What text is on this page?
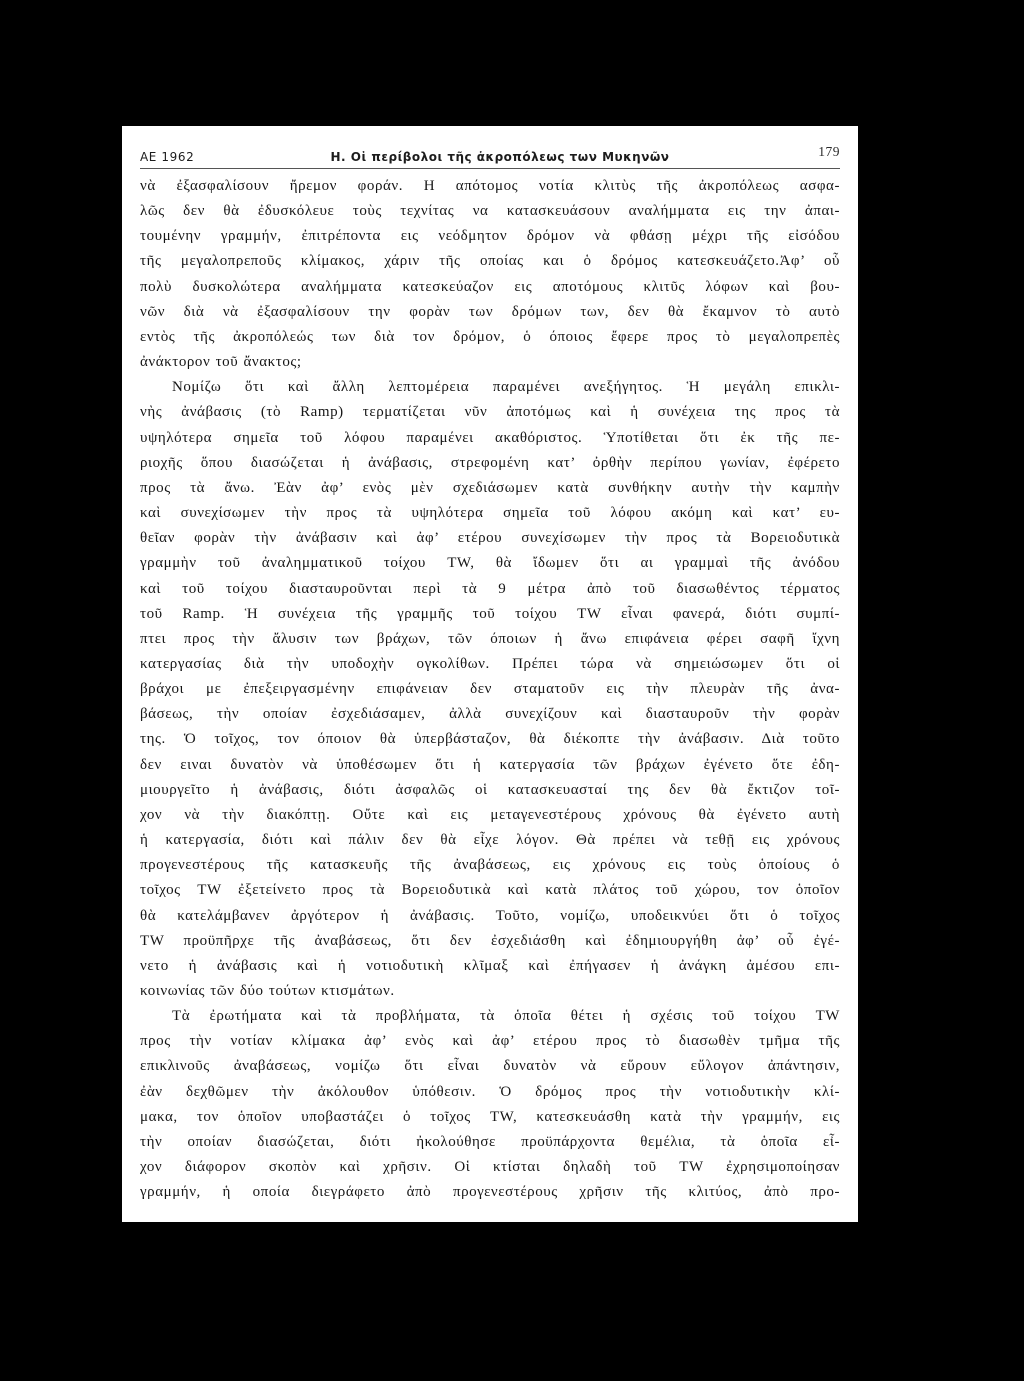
ΑΕ 1962	Η. Οἱ περίβολοι τῆς ἀκροπόλεως των Μυκηνῶν	179
νὰ ἐξασφαλίσουν ἤρεμον φοράν. Η απότομος νοτία κλιτὺς τῆς ἀκροπόλεως ασφα-
λῶς δεν θὰ ἐδυσκόλευε τοὺς τεχνίτας να κατασκευάσουν αναλήμματα εις την ἀπαι-
τουμένην γραμμήν, ἐπιτρέποντα εις νεόδμητον δρόμον νὰ φθάσῃ μέχρι τῆς εἰσόδου
τῆς μεγαλοπρεποῦς κλίμακος, χάριν τῆς οποίας και ὁ δρόμος κατεσκευάζετο.Ἀφ’ οὗ
πολὺ δυσκολώτερα αναλήμματα κατεσκεύαζον εις αποτόμους κλιτῦς λόφων καὶ βου-
νῶν διὰ νὰ ἐξασφαλίσουν την φορὰν των δρόμων των, δεν θὰ ἔκαμνον τὸ αυτὸ
εντὸς τῆς ἀκροπόλεώς των διὰ τον δρόμον, ὁ όποιος ἔφερε προς τὸ μεγαλοπρεπὲς
ἀνάκτορον τοῦ ἄνακτος;
Νομίζω ὅτι καὶ ἄλλη λεπτομέρεια παραμένει ανεξήγητος. Ἡ μεγάλη επικλι-
νὴς ἀνάβασις (τὸ Ramp) τερματίζεται νῦν ἀποτόμως καὶ ἡ συνέχεια της προς τὰ
υψηλότερα σημεῖα τοῦ λόφου παραμένει ακαθόριστος. Ὑποτίθεται ὅτι ἐκ τῆς πε-
ριοχῆς ὅπου διασώζεται ἡ ἀνάβασις, στρεφομένη κατ’ ὀρθὴν περίπου γωνίαν, ἐφέρετο
προς τὰ ἄνω. Ἐὰν ἀφ’ ενὸς μὲν σχεδιάσωμεν κατὰ συνθήκην αυτὴν τὴν καμπὴν
καὶ συνεχίσωμεν τὴν προς τὰ υψηλότερα σημεῖα τοῦ λόφου ακόμη καὶ κατ’ ευ-
θεῖαν φορὰν τὴν ἀνάβασιν καὶ ἀφ’ ετέρου συνεχίσωμεν τὴν προς τὰ Βορειοδυτικὰ
γραμμὴν τοῦ ἀναλημματικοῦ τοίχου TW, θὰ ἴδωμεν ὅτι αι γραμμαὶ τῆς ἀνόδου
καὶ τοῦ τοίχου διασταυροῦνται περὶ τὰ 9 μέτρα ἀπὸ τοῦ διασωθέντος τέρματος
τοῦ Ramp. Ἡ συνέχεια τῆς γραμμῆς τοῦ τοίχου TW εἶναι φανερά, διότι συμπί-
πτει προς τὴν ἄλυσιν των βράχων, τῶν όποιων ἡ ἄνω επιφάνεια φέρει σαφῆ ἴχνη
κατεργασίας διὰ τὴν υποδοχὴν ογκολίθων. Πρέπει τώρα νὰ σημειώσωμεν ὅτι οἱ
βράχοι με ἐπεξειργασμένην επιφάνειαν δεν σταματοῦν εις τὴν πλευρὰν τῆς ἀνα-
βάσεως, τὴν οποίαν ἐσχεδιάσαμεν, ἀλλὰ συνεχίζουν καὶ διασταυροῦν τὴν φορὰν
της. Ὁ τοῖχος, τον όποιον θὰ ὑπερβάσταζον, θὰ διέκοπτε τὴν ἀνάβασιν. Διὰ τοῦτο
δεν ειναι δυνατὸν νὰ ὑποθέσωμεν ὅτι ἡ κατεργασία τῶν βράχων ἐγένετο ὅτε ἐδη-
μιουργεῖτο ἡ ἀνάβασις, διότι ἀσφαλῶς οἱ κατασκευασταί της δεν θὰ ἔκτιζον τοῖ-
χον νὰ τὴν διακόπτῃ. Οὔτε καὶ εις μεταγενεστέρους χρόνους θὰ ἐγένετο αυτὴ
ἡ κατεργασία, διότι καὶ πάλιν δεν θὰ εἶχε λόγον. Θὰ πρέπει νὰ τεθῇ εις χρόνους
προγενεστέρους τῆς κατασκευῆς τῆς ἀναβάσεως, εις χρόνους εις τοὺς ὁποίους ὁ
τοῖχος TW ἐξετείνετο προς τὰ Βορειοδυτικὰ καὶ κατὰ πλάτος τοῦ χώρου, τον ὁποῖον
θὰ κατελάμβανεν ἀργότερον ἡ ἀνάβασις. Τοῦτο, νομίζω, υποδεικνύει ὅτι ὁ τοῖχος
TW προϋπῆρχε τῆς ἀναβάσεως, ὅτι δεν ἐσχεδιάσθη καὶ ἐδημιουργήθη ἀφ’ οὗ ἐγέ-
νετο ἡ ἀνάβασις καὶ ἡ νοτιοδυτικὴ κλῖμαξ καὶ ἐπήγασεν ἡ ἀνάγκη ἀμέσου επι-
κοινωνίας τῶν δύο τούτων κτισμάτων.
Τὰ ἐρωτήματα καὶ τὰ προβλήματα, τὰ ὁποῖα θέτει ἡ σχέσις τοῦ τοίχου TW
προς τὴν νοτίαν κλίμακα ἀφ’ ενὸς καὶ ἀφ’ ετέρου προς τὸ διασωθὲν τμῆμα τῆς
επικλινοῦς ἀναβάσεως, νομίζω ὅτι εἶναι δυνατὸν νὰ εὕρουν εὔλογον ἀπάντησιν,
ἐὰν δεχθῶμεν τὴν ἀκόλουθον ὑπόθεσιν. Ὁ δρόμος προς τὴν νοτιοδυτικὴν κλί-
μακα, τον ὁποῖον υποβαστάζει ὁ τοῖχος TW, κατεσκευάσθη κατὰ τὴν γραμμήν, εις
τὴν οποίαν διασώζεται, διότι ἠκολούθησε προϋπάρχοντα θεμέλια, τὰ ὁποῖα εἶ-
χον διάφορον σκοπὸν καὶ χρῆσιν. Οἱ κτίσται δηλαδὴ τοῦ TW ἐχρησιμοποίησαν
γραμμήν, ἡ οποία διεγράφετο ἀπὸ προγενεστέρους χρῆσιν τῆς κλιτύος, ἀπὸ προ-
